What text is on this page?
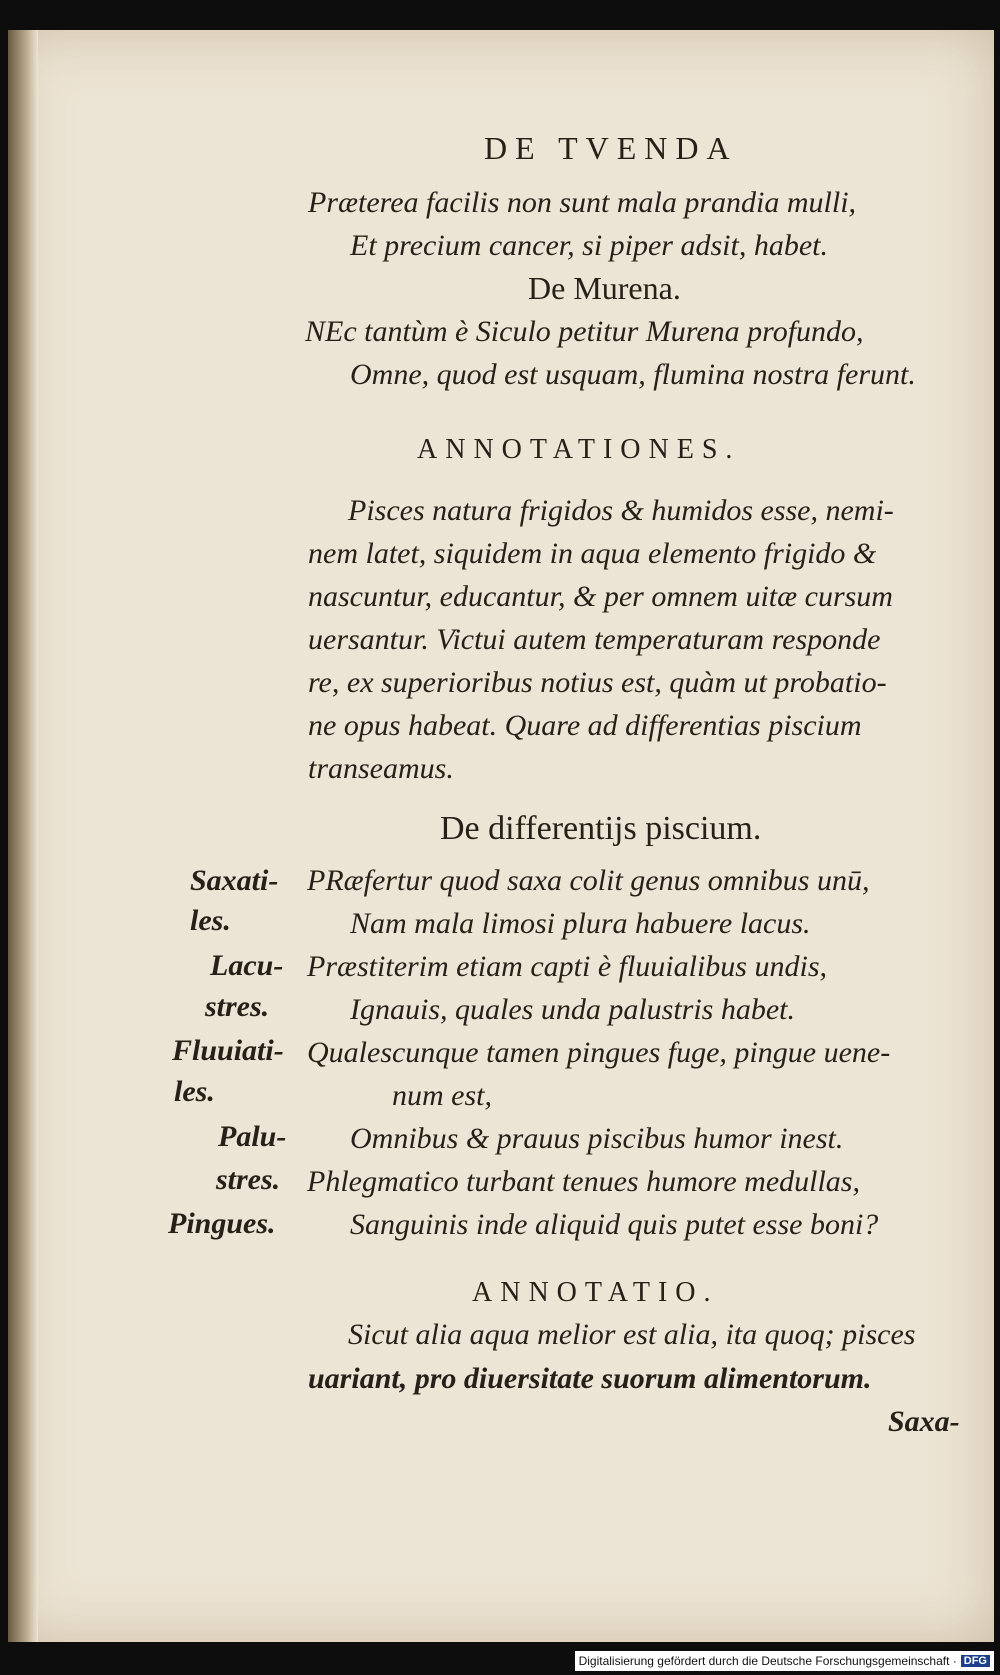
DE TVENDA
Præterea facilis non sunt mala prandia mulli,
Et precium cancer, si piper adsit, habet.
De Murena.
NEc tantùm è Siculo petitur Murena profundo,
Omne, quod est usquam, flumina nostra ferunt.
ANNOTATIONES.
Pisces natura frigidos & humidos esse, nemi-
nem latet, siquidem in aqua elemento frigido &
nascuntur, educantur, & per omnem uitæ cursum
uersantur. Victui autem temperaturam responde
re, ex superioribus notius est, quàm ut probatio-
ne opus habeat. Quare ad differentias piscium
transeamus.
De differentijs piscium.
Saxati-
les.
Lacu-
stres.
Fluuiati-
les.
Palu-
stres.
Pingues.
PRæfertur quod saxa colit genus omnibus unū,
Nam mala limosi plura habuere lacus.
Præstiterim etiam capti è fluuialibus undis,
Ignauis, quales unda palustris habet.
Qualescunque tamen pingues fuge, pingue uene-
num est,
Omnibus & prauus piscibus humor inest.
Phlegmatico turbant tenues humore medullas,
Sanguinis inde aliquid quis putet esse boni?
ANNOTATIO.
Sicut alia aqua melior est alia, ita quoq; pisces
uariant, pro diuersitate suorum alimentorum.
Saxa-
Digitalisierung gefördert durch die Deutsche Forschungsgemeinschaft · DFG
